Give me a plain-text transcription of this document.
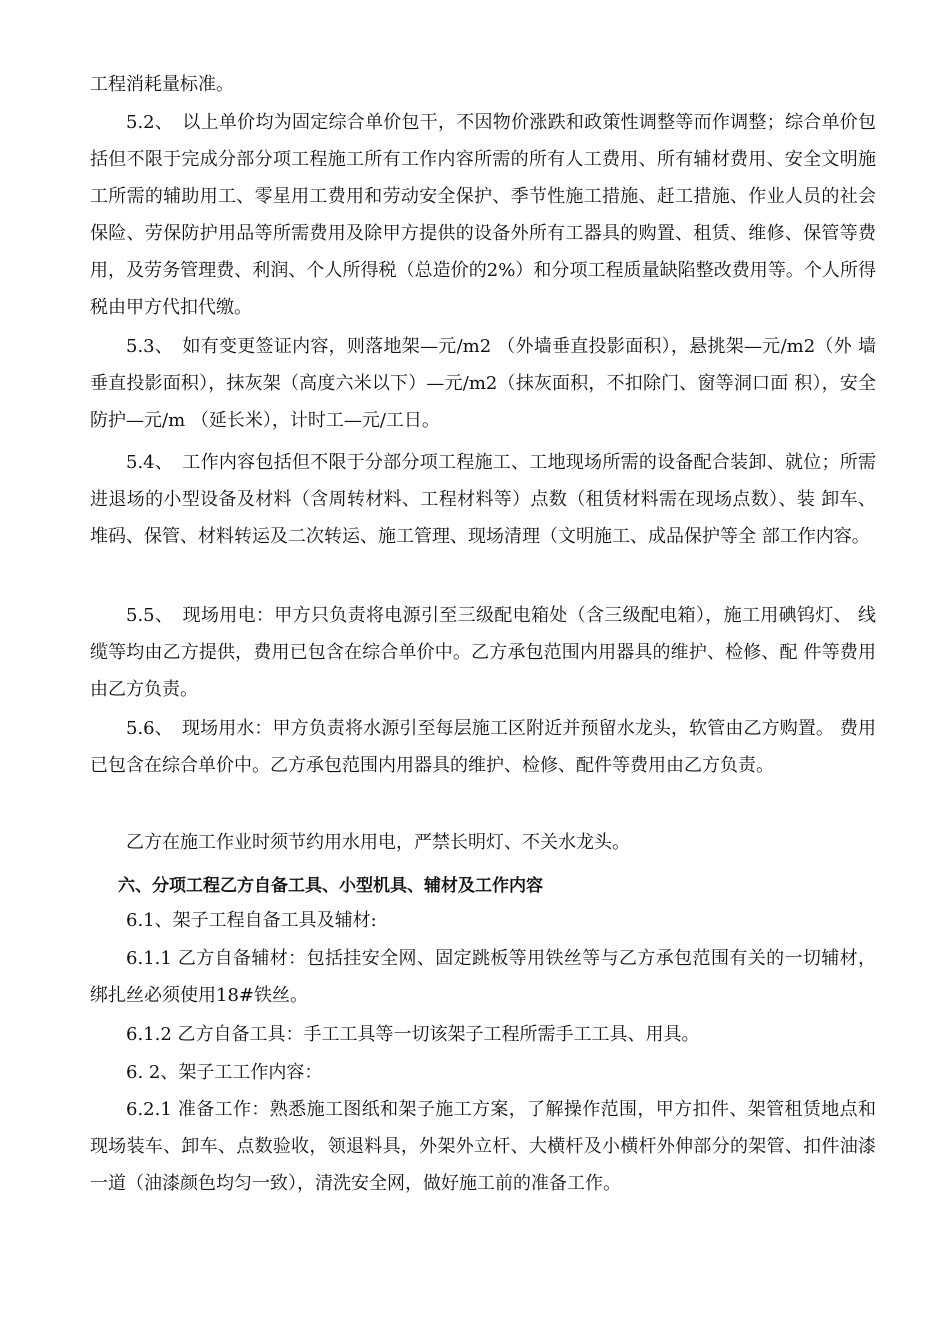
工程消耗量标准。

5.2、　以上单价均为固定综合单价包干，不因物价涨跌和政策性调整等而作调整；综合单价包括但不限于完成分部分项工程施工所有工作内容所需的所有人工费用、所有辅材费用、安全文明施工所需的辅助用工、零星用工费用和劳动安全保护、季节性施工措施、赶工措施、作业人员的社会保险、劳保防护用品等所需费用及除甲方提供的设备外所有工器具的购置、租赁、维修、保管等费用，及劳务管理费、利润、个人所得税（总造价的2%）和分项工程质量缺陷整改费用等。个人所得税由甲方代扣代缴。

5.3、　如有变更签证内容，则落地架—元/m2 （外墙垂直投影面积），悬挑架—元/m2（外 墙垂直投影面积），抹灰架（高度六米以下）—元/m2（抹灰面积，不扣除门、窗等洞口面 积），安全防护—元/m （延长米），计时工—元/工日。

5.4、　工作内容包括但不限于分部分项工程施工、工地现场所需的设备配合装卸、就位；所需进退场的小型设备及材料（含周转材料、工程材料等）点数（租赁材料需在现场点数）、装 卸车、堆码、保管、材料转运及二次转运、施工管理、现场清理（文明施工、成品保护等全 部工作内容。

5.5、　现场用电：甲方只负责将电源引至三级配电箱处（含三级配电箱），施工用碘钨灯、 线缆等均由乙方提供，费用已包含在综合单价中。乙方承包范围内用器具的维护、检修、配 件等费用由乙方负责。

5.6、　现场用水：甲方负责将水源引至每层施工区附近并预留水龙头，软管由乙方购置。 费用已包含在综合单价中。乙方承包范围内用器具的维护、检修、配件等费用由乙方负责。

乙方在施工作业时须节约用水用电，严禁长明灯、不关水龙头。

六、分项工程乙方自备工具、小型机具、辅材及工作内容

6.1、架子工程自备工具及辅材:

6.1.1 乙方自备辅材：包括挂安全网、固定跳板等用铁丝等与乙方承包范围有关的一切辅材，绑扎丝必须使用18#铁丝。

6.1.2 乙方自备工具：手工工具等一切该架子工程所需手工工具、用具。

6. 2、架子工工作内容：

6.2.1 准备工作：熟悉施工图纸和架子施工方案，了解操作范围，甲方扣件、架管租赁地点和现场装车、卸车、点数验收，领退料具，外架外立杆、大横杆及小横杆外伸部分的架管、扣件油漆一道（油漆颜色均匀一致），清洗安全网，做好施工前的准备工作。
